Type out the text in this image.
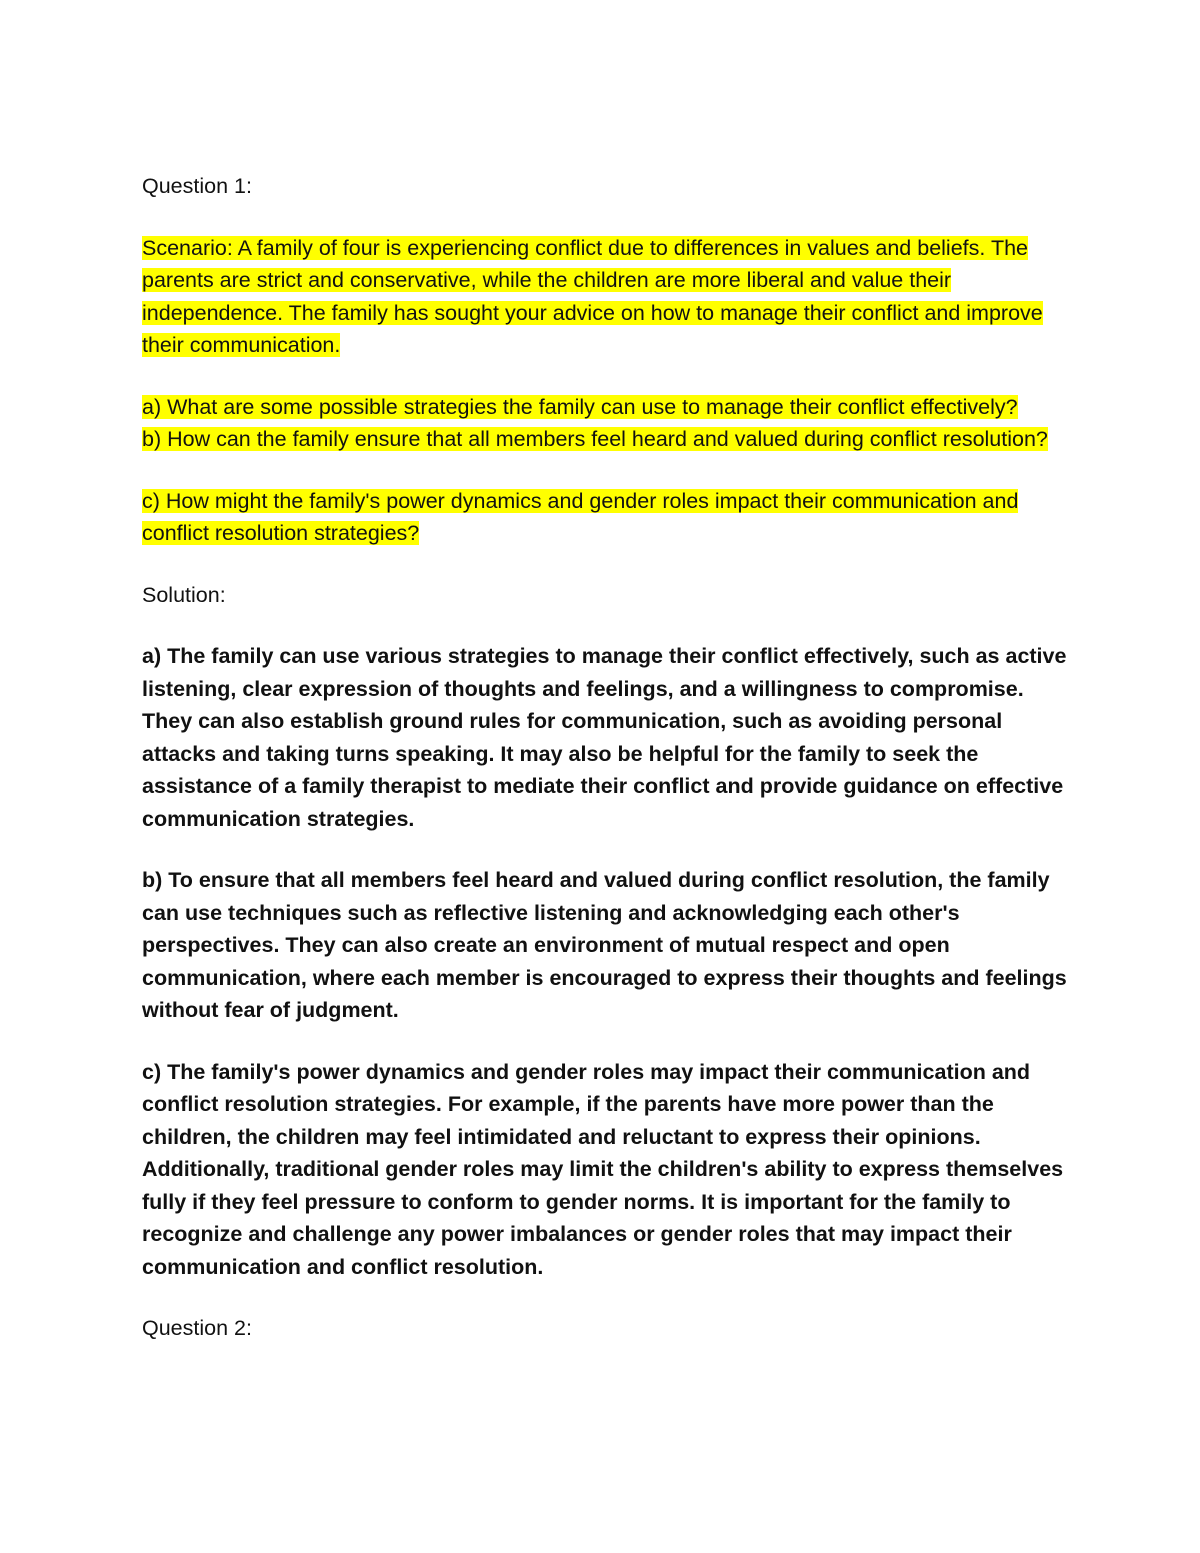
Question 1:

Scenario: A family of four is experiencing conflict due to differences in values and beliefs. The parents are strict and conservative, while the children are more liberal and value their independence. The family has sought your advice on how to manage their conflict and improve their communication.

a) What are some possible strategies the family can use to manage their conflict effectively?

b) How can the family ensure that all members feel heard and valued during conflict resolution?

c) How might the family's power dynamics and gender roles impact their communication and conflict resolution strategies?

Solution:

a) The family can use various strategies to manage their conflict effectively, such as active listening, clear expression of thoughts and feelings, and a willingness to compromise. They can also establish ground rules for communication, such as avoiding personal attacks and taking turns speaking. It may also be helpful for the family to seek the assistance of a family therapist to mediate their conflict and provide guidance on effective communication strategies.

b) To ensure that all members feel heard and valued during conflict resolution, the family can use techniques such as reflective listening and acknowledging each other's perspectives. They can also create an environment of mutual respect and open communication, where each member is encouraged to express their thoughts and feelings without fear of judgment.

c) The family's power dynamics and gender roles may impact their communication and conflict resolution strategies. For example, if the parents have more power than the children, the children may feel intimidated and reluctant to express their opinions. Additionally, traditional gender roles may limit the children's ability to express themselves fully if they feel pressure to conform to gender norms. It is important for the family to recognize and challenge any power imbalances or gender roles that may impact their communication and conflict resolution.

Question 2:
